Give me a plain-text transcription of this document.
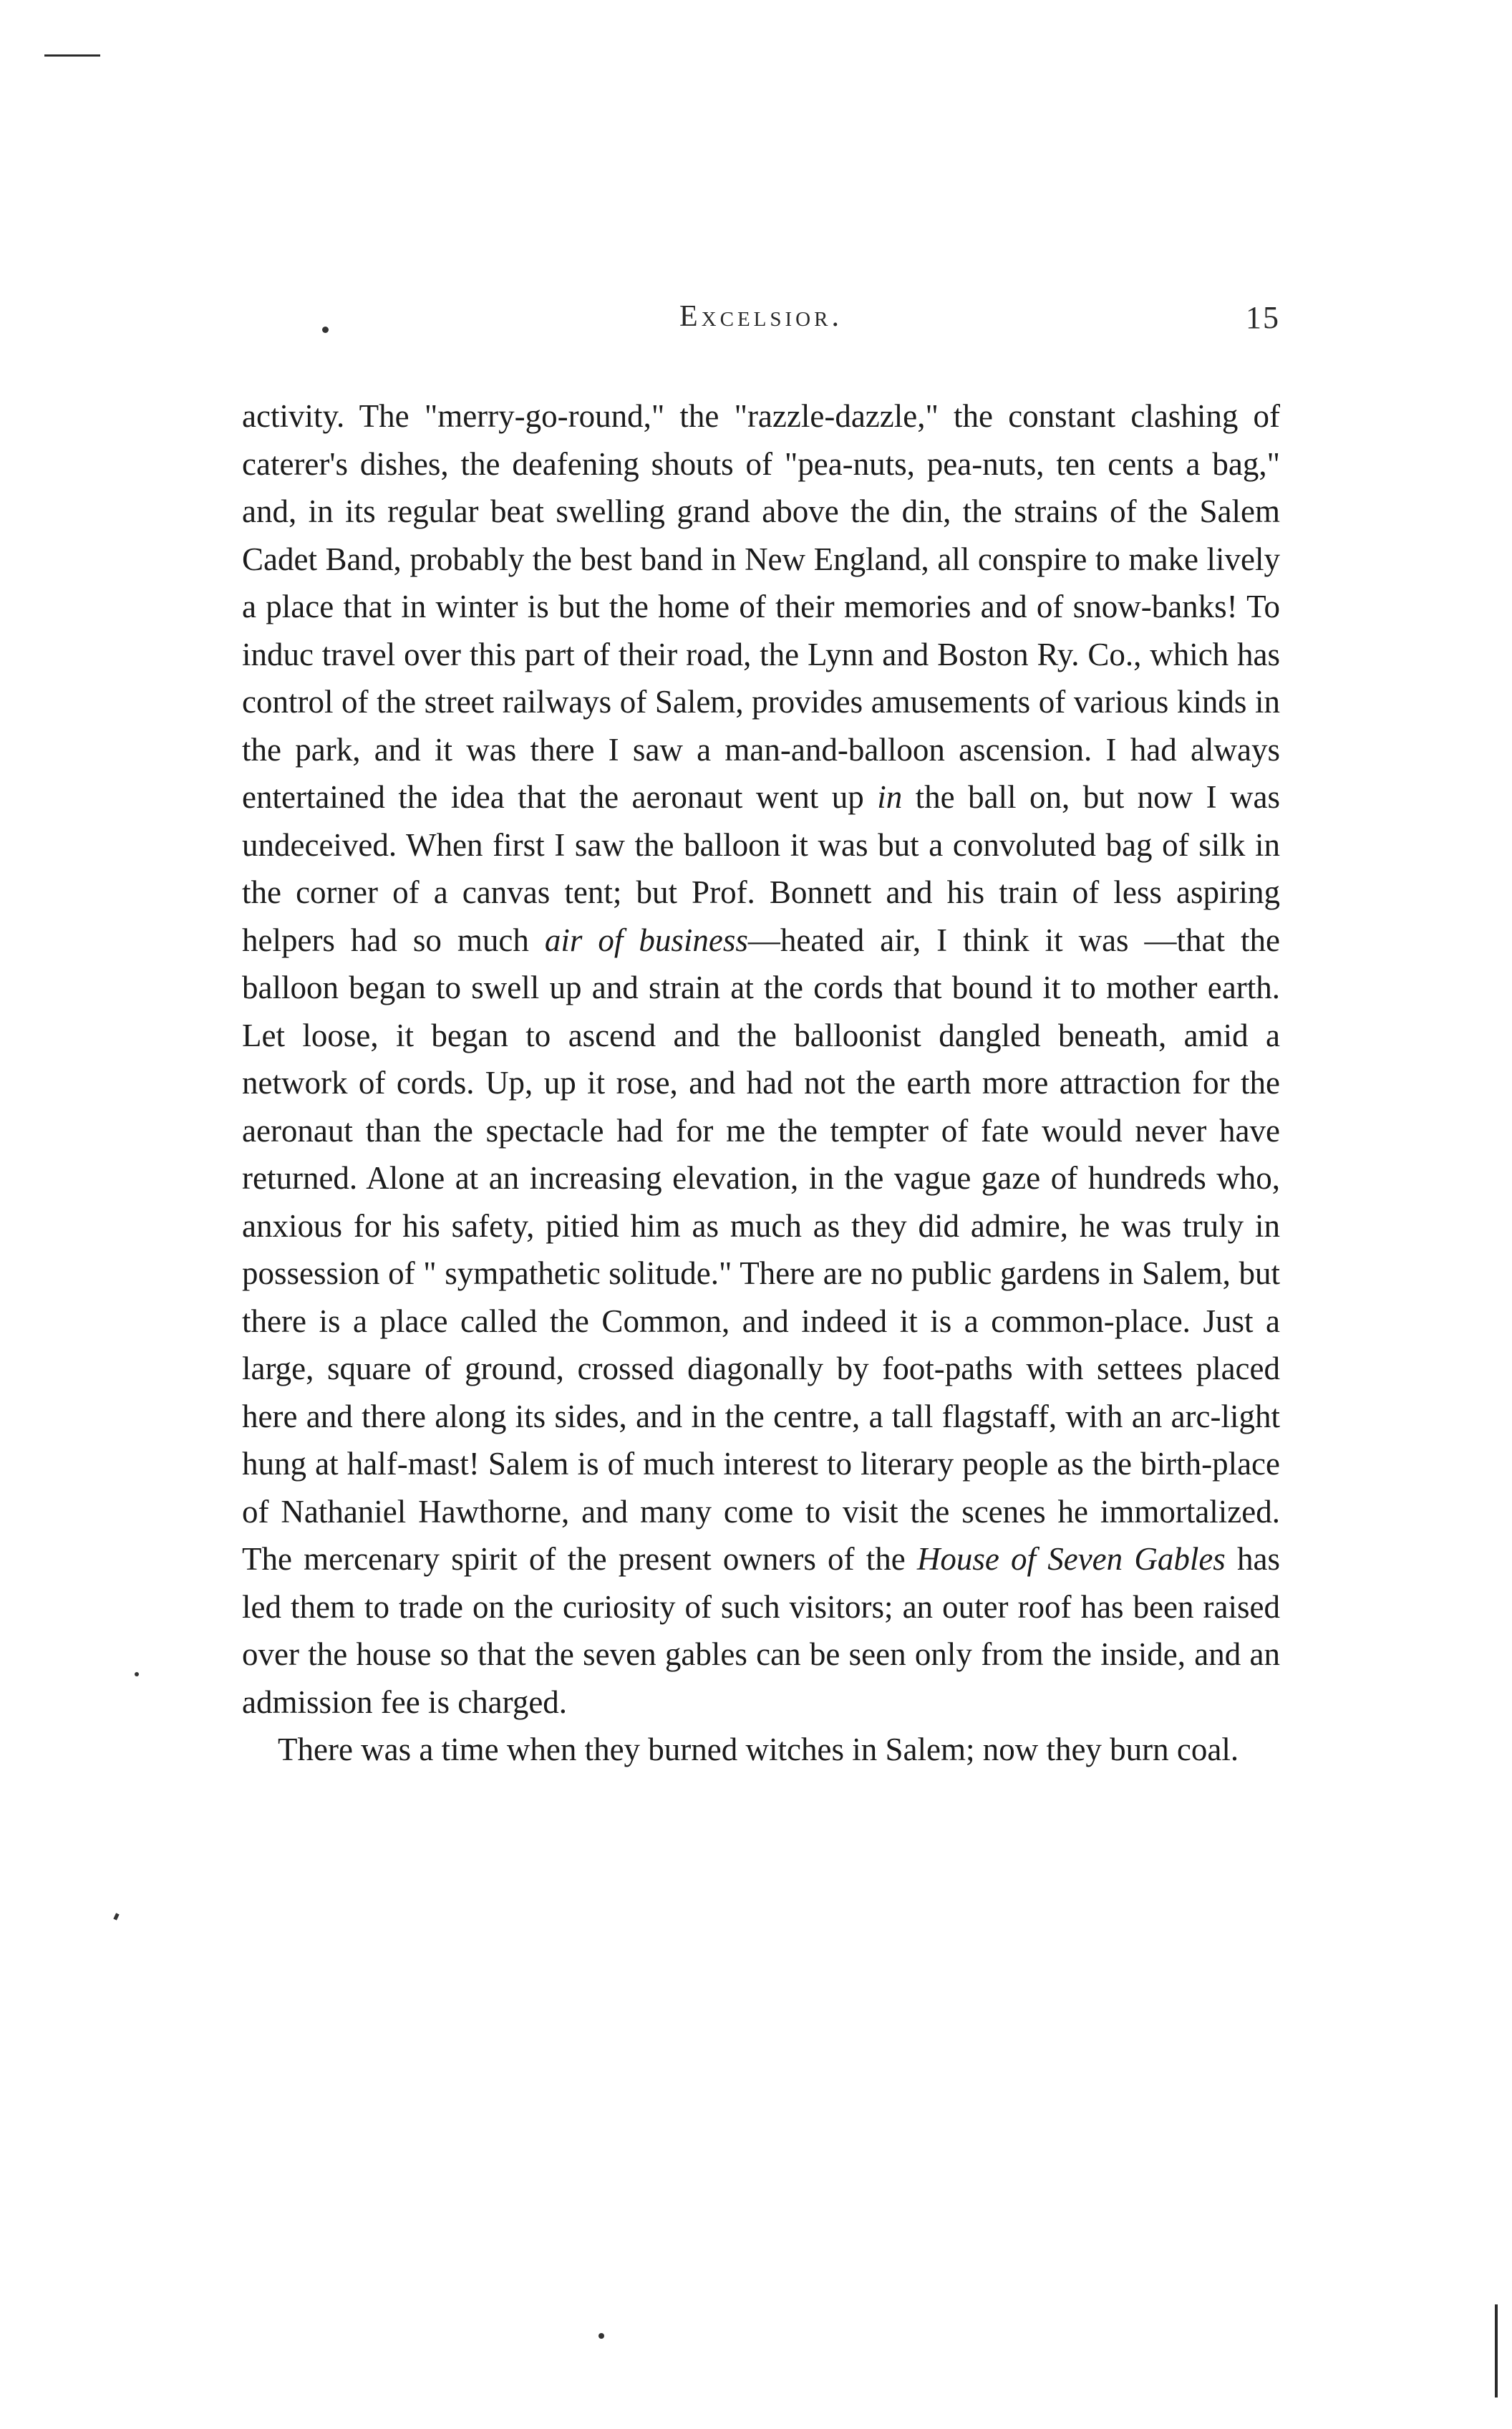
Excelsior.	15

activity. The "merry-go-round," the "razzle-dazzle," the constant clashing of caterer's dishes, the deafening shouts of "pea-nuts, pea-nuts, ten cents a bag," and, in its regular beat swelling grand above the din, the strains of the Salem Cadet Band, probably the best band in New England, all conspire to make lively a place that in winter is but the home of their memories and of snow-banks! To induc travel over this part of their road, the Lynn and Boston Ry. Co., which has control of the street railways of Salem, provides amusements of various kinds in the park, and it was there I saw a man-and-balloon ascension. I had always entertained the idea that the aeronaut went up in the ball on, but now I was undeceived. When first I saw the balloon it was but a convoluted bag of silk in the corner of a canvas tent; but Prof. Bonnett and his train of less aspiring helpers had so much air of business—heated air, I think it was —that the balloon began to swell up and strain at the cords that bound it to mother earth. Let loose, it began to ascend and the balloonist dangled beneath, amid a network of cords. Up, up it rose, and had not the earth more attraction for the aeronaut than the spectacle had for me the tempter of fate would never have returned. Alone at an increasing elevation, in the vague gaze of hundreds who, anxious for his safety, pitied him as much as they did admire, he was truly in possession of " sympathetic solitude." There are no public gardens in Salem, but there is a place called the Common, and indeed it is a common-place. Just a large, square of ground, crossed diagonally by foot-paths with settees placed here and there along its sides, and in the centre, a tall flagstaff, with an arc-light hung at half-mast! Salem is of much interest to literary people as the birth-place of Nathaniel Hawthorne, and many come to visit the scenes he immortalized. The mercenary spirit of the present owners of the House of Seven Gables has led them to trade on the curiosity of such visitors; an outer roof has been raised over the house so that the seven gables can be seen only from the inside, and an admission fee is charged.

There was a time when they burned witches in Salem; now they burn coal.
